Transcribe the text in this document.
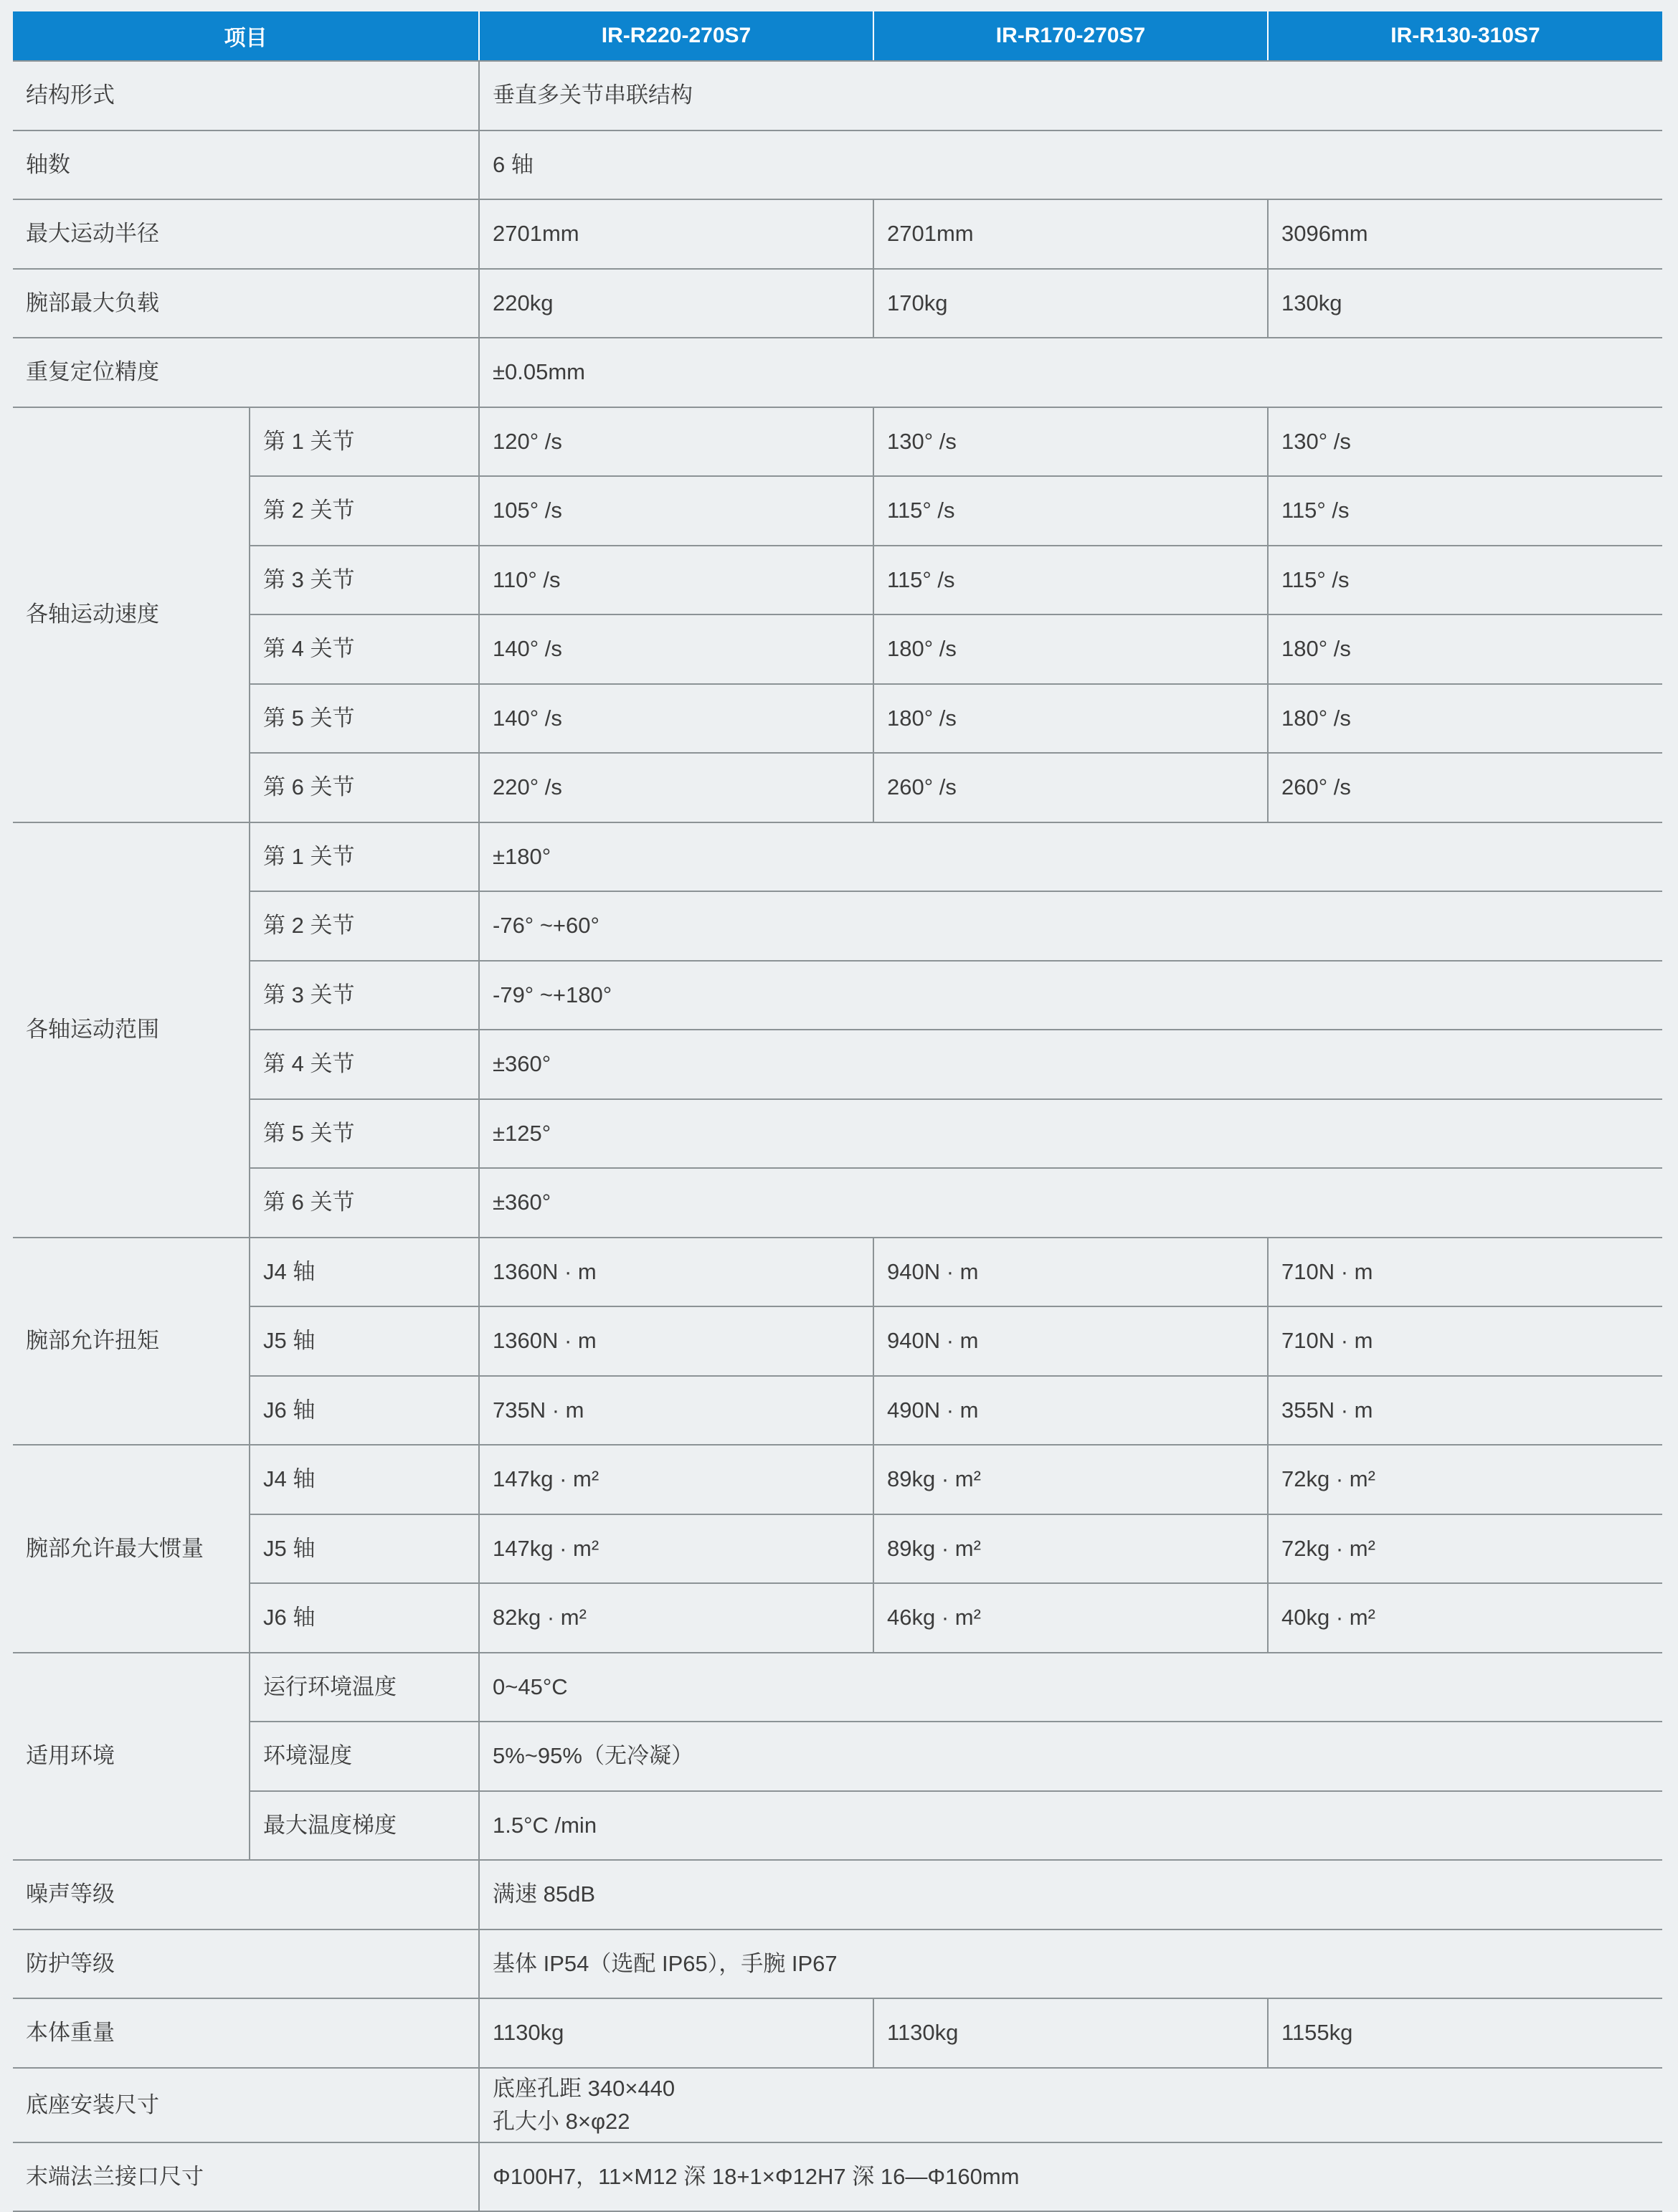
项目		IR-R220-270S7	IR-R170-270S7	IR-R130-310S7
结构形式		垂直多关节串联结构		
轴数		6 轴		
最大运动半径		2701mm	2701mm	3096mm
腕部最大负载		220kg	170kg	130kg
重复定位精度		±0.05mm		
各轴运动速度	第 1 关节	120° /s	130° /s	130° /s
	第 2 关节	105° /s	115° /s	115° /s
	第 3 关节	110° /s	115° /s	115° /s
	第 4 关节	140° /s	180° /s	180° /s
	第 5 关节	140° /s	180° /s	180° /s
	第 6 关节	220° /s	260° /s	260° /s
各轴运动范围	第 1 关节	±180°		
	第 2 关节	-76° ~+60°		
	第 3 关节	-79° ~+180°		
	第 4 关节	±360°		
	第 5 关节	±125°		
	第 6 关节	±360°		
腕部允许扭矩	J4 轴	1360N · m	940N · m	710N · m
	J5 轴	1360N · m	940N · m	710N · m
	J6 轴	735N · m	490N · m	355N · m
腕部允许最大惯量	J4 轴	147kg · m²	89kg · m²	72kg · m²
	J5 轴	147kg · m²	89kg · m²	72kg · m²
	J6 轴	82kg · m²	46kg · m²	40kg · m²
适用环境	运行环境温度	0~45°C		
	环境湿度	5%~95%（无冷凝）		
	最大温度梯度	1.5°C /min		
噪声等级		满速 85dB		
防护等级		基体 IP54（选配 IP65），手腕 IP67		
本体重量		1130kg	1130kg	1155kg
底座安装尺寸		底座孔距 340×440
孔大小 8×φ22		

末端法兰接口尺寸		Φ100H7，11×M12 深 18+1×Φ12H7 深 16—Φ160mm		
